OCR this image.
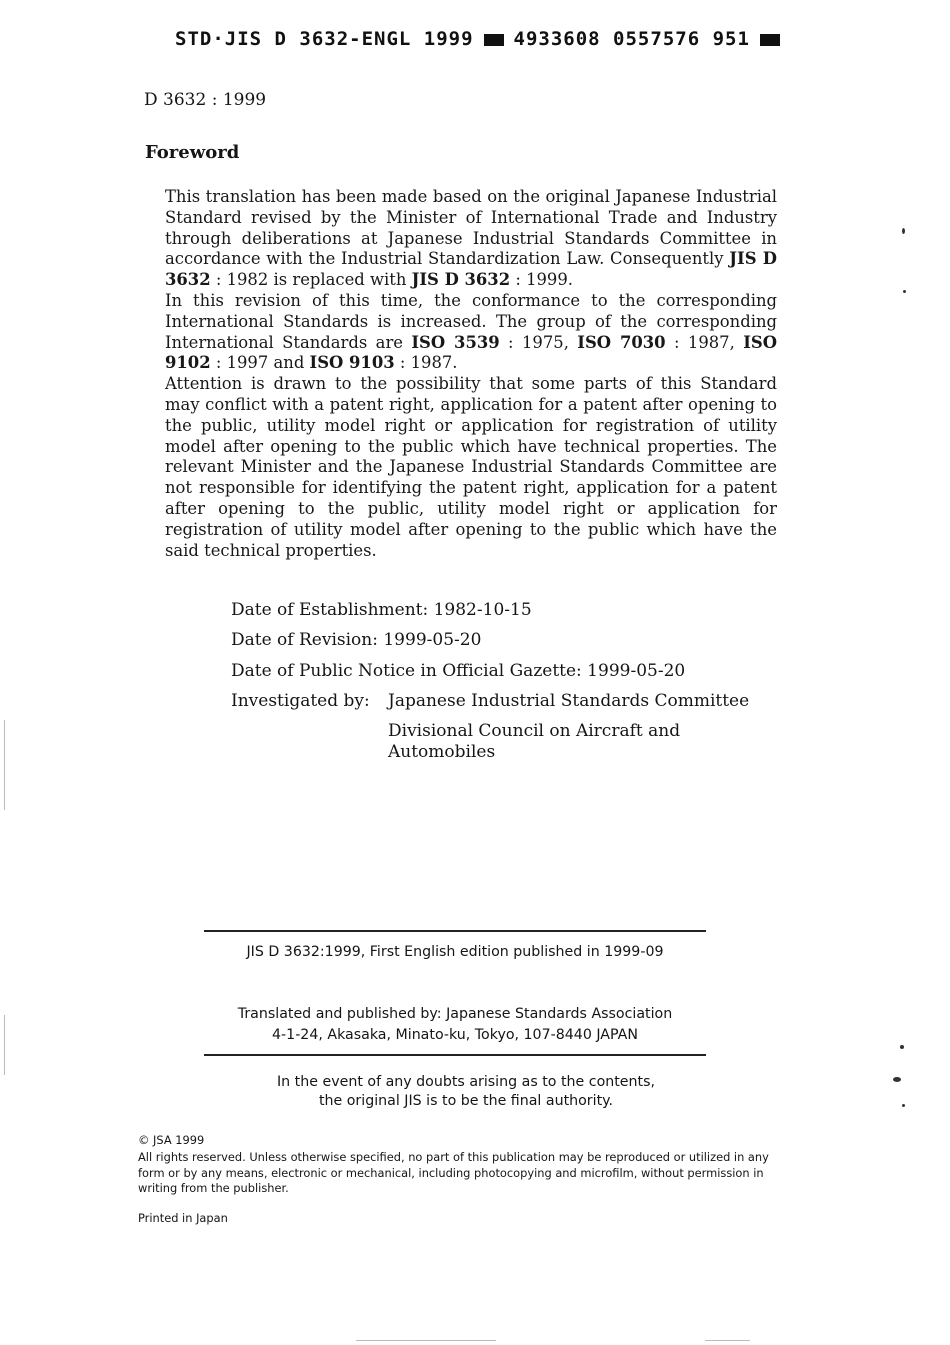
STD·JIS D 3632-ENGL 1999 4933608 0557576 951
D 3632 : 1999
Foreword

This translation has been made based on the original Japanese Industrial Standard revised by the Minister of International Trade and Industry through deliberations at Japanese Industrial Standards Committee in accordance with the Industrial Standardization Law. Consequently JIS D 3632 : 1982 is replaced with JIS D 3632 : 1999.

In this revision of this time, the conformance to the corresponding International Standards is increased. The group of the corresponding International Standards are ISO 3539 : 1975, ISO 7030 : 1987, ISO 9102 : 1997 and ISO 9103 : 1987.

Attention is drawn to the possibility that some parts of this Standard may conflict with a patent right, application for a patent after opening to the public, utility model right or application for registration of utility model after opening to the public which have technical properties. The relevant Minister and the Japanese Industrial Standards Committee are not responsible for identifying the patent right, application for a patent after opening to the public, utility model right or application for registration of utility model after opening to the public which have the said technical properties.

Date of Establishment: 1982-10-15
Date of Revision: 1999-05-20
Date of Public Notice in Official Gazette: 1999-05-20
Investigated by: Japanese Industrial Standards Committee
Divisional Council on Aircraft and
Automobiles
JIS D 3632:1999, First English edition published in 1999-09
Translated and published by: Japanese Standards Association
4-1-24, Akasaka, Minato-ku, Tokyo, 107-8440 JAPAN
In the event of any doubts arising as to the contents,
the original JIS is to be the final authority.
© JSA 1999
All rights reserved. Unless otherwise specified, no part of this publication may be reproduced or utilized in any form or by any means, electronic or mechanical, including photocopying and microfilm, without permission in writing from the publisher.
Printed in Japan
